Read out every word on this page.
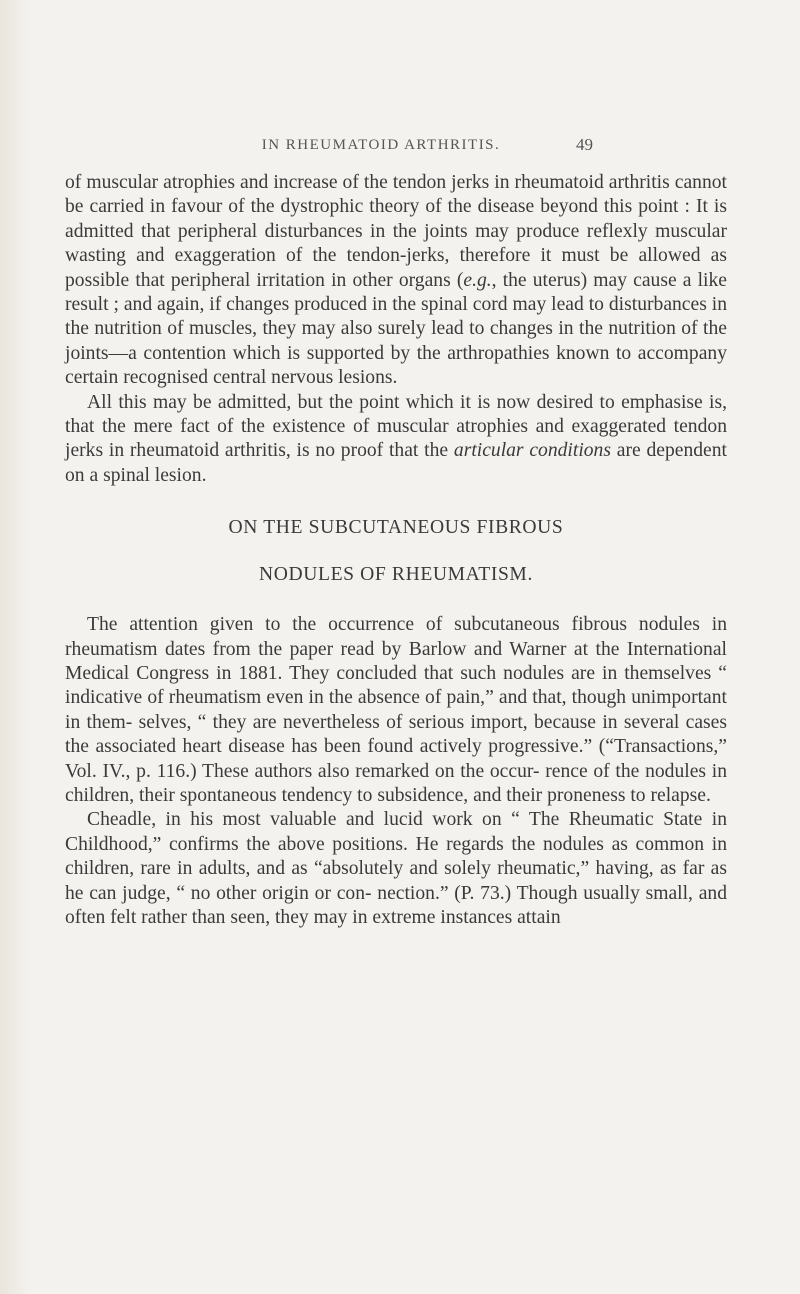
IN RHEUMATOID ARTHRITIS.	49

of muscular atrophies and increase of the tendon jerks in rheumatoid arthritis cannot be carried in favour of the dystrophic theory of the disease beyond this point : It is admitted that peripheral disturbances in the joints may produce reflexly muscular wasting and exaggeration of the tendon-jerks, therefore it must be allowed as possible that peripheral irritation in other organs (e.g., the uterus) may cause a like result ; and again, if changes produced in the spinal cord may lead to disturbances in the nutrition of muscles, they may also surely lead to changes in the nutrition of the joints—a contention which is supported by the arthropathies known to accompany certain recognised central nervous lesions.

All this may be admitted, but the point which it is now desired to emphasise is, that the mere fact of the existence of muscular atrophies and exaggerated tendon jerks in rheumatoid arthritis, is no proof that the articular conditions are dependent on a spinal lesion.

ON THE SUBCUTANEOUS FIBROUS

NODULES OF RHEUMATISM.

The attention given to the occurrence of subcutaneous fibrous nodules in rheumatism dates from the paper read by Barlow and Warner at the International Medical Congress in 1881. They concluded that such nodules are in themselves “ indicative of rheumatism even in the absence of pain,” and that, though unimportant in them- selves, “ they are nevertheless of serious import, because in several cases the associated heart disease has been found actively progressive.” (“Transactions,” Vol. IV., p. 116.) These authors also remarked on the occur- rence of the nodules in children, their spontaneous tendency to subsidence, and their proneness to relapse.

Cheadle, in his most valuable and lucid work on “ The Rheumatic State in Childhood,” confirms the above positions. He regards the nodules as common in children, rare in adults, and as “absolutely and solely rheumatic,” having, as far as he can judge, “ no other origin or con- nection.” (P. 73.) Though usually small, and often felt rather than seen, they may in extreme instances attain
